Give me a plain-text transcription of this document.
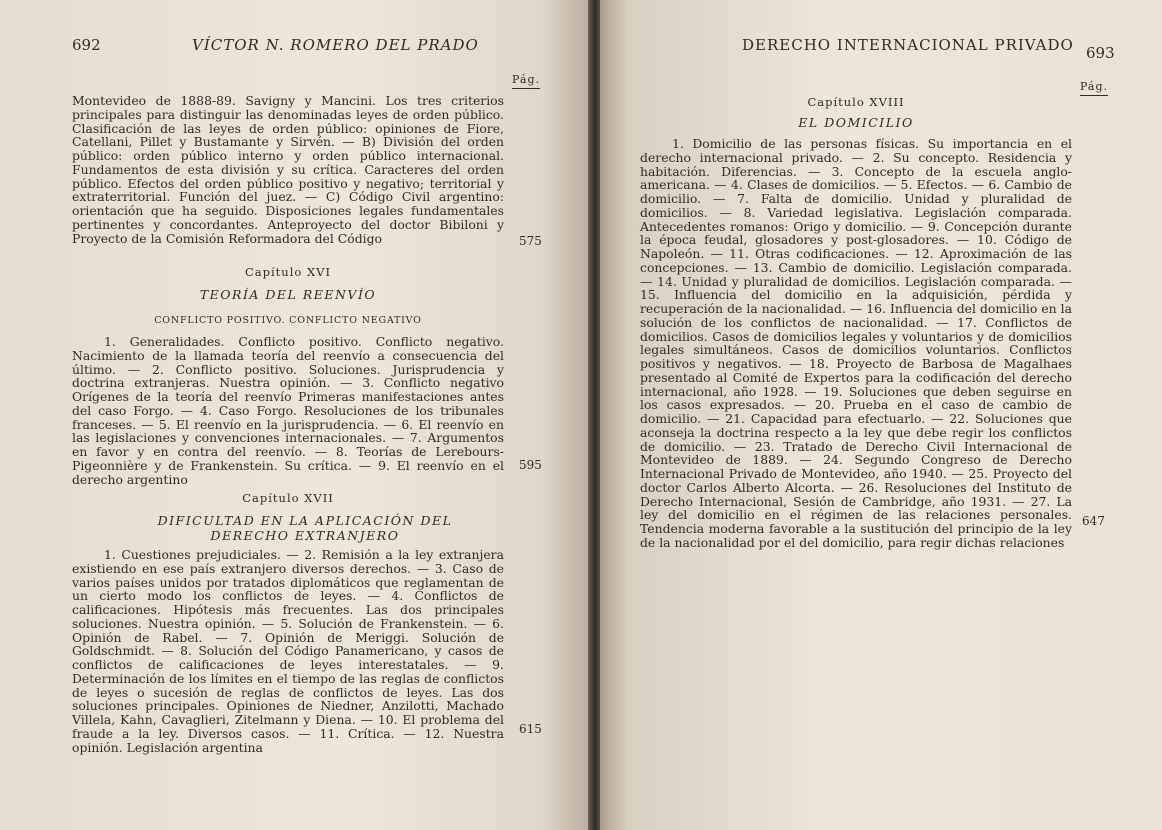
692	VÍCTOR N. ROMERO DEL PRADO
Pág.

Montevideo de 1888-89. Savigny y Mancini. Los tres criterios principales para distinguir las denominadas leyes de orden público. Clasificación de las leyes de orden público: opiniones de Fiore, Catellani, Pillet y Bustamante y Sirvén. — B) División del orden público: orden público interno y orden público internacional. Fundamentos de esta división y su crítica. Caracteres del orden público. Efectos del orden público positivo y negativo; territorial y extraterritorial. Función del juez. — C) Código Civil argentino: orientación que ha seguido. Disposiciones legales fundamentales pertinentes y concordantes. Anteproyecto del doctor Bibiloni y Proyecto de la Comisión Reformadora del Código	575
Capítulo XVI
TEORÍA DEL REENVÍO
CONFLICTO POSITIVO. CONFLICTO NEGATIVO

1. Generalidades. Conflicto positivo. Conflicto negativo. Nacimiento de la llamada teoría del reenvío a consecuencia del último. — 2. Conflicto positivo. Soluciones. Jurisprudencia y doctrina extranjeras. Nuestra opinión. — 3. Conflicto negativo Orígenes de la teoría del reenvío Primeras manifestaciones antes del caso Forgo. — 4. Caso Forgo. Resoluciones de los tribunales franceses. — 5. El reenvío en la jurisprudencia. — 6. El reenvío en las legislaciones y convenciones internacionales. — 7. Argumentos en favor y en contra del reenvío. — 8. Teorías de Lerebours-Pigeonnière y de Frankenstein. Su crítica. — 9. El reenvío en el derecho argentino

595
Capítulo XVII
DIFICULTAD EN LA APLICACIÓN DEL DERECHO EXTRANJERO

1. Cuestiones prejudiciales. — 2. Remisión a la ley extranjera existiendo en ese país extranjero diversos derechos. — 3. Caso de varios países unidos por tratados diplomáticos que reglamentan de un cierto modo los conflictos de leyes. — 4. Conflictos de calificaciones. Hipótesis más frecuentes. Las dos principales soluciones. Nuestra opinión. — 5. Solución de Frankenstein. — 6. Opinión de Rabel. — 7. Opinión de Meriggi. Solución de Goldschmidt. — 8. Solución del Código Panamericano, y casos de conflictos de calificaciones de leyes interestatales. — 9. Determinación de los límites en el tiempo de las reglas de conflictos de leyes o sucesión de reglas de conflictos de leyes. Las dos soluciones principales. Opiniones de Niedner, Anzilotti, Machado Villela, Kahn, Cavaglieri, Zitelmann y Diena. — 10. El problema del fraude a la ley. Diversos casos. — 11. Crítica. — 12. Nuestra opinión. Legislación argentina

615
DERECHO INTERNACIONAL PRIVADO 693
Pág.
Capítulo XVIII
EL DOMICILIO

1. Domicilio de las personas físicas. Su importancia en el derecho internacional privado. — 2. Su concepto. Residencia y habitación. Diferencias. — 3. Concepto de la escuela anglo-americana. — 4. Clases de domicilios. — 5. Efectos. — 6. Cambio de domicilio. — 7. Falta de domicilio. Unidad y pluralidad de domicilios. — 8. Variedad legislativa. Legislación comparada. Antecedentes romanos: Origo y domicilio. — 9. Concepción durante la época feudal, glosadores y post-glosadores. — 10. Código de Napoleón. — 11. Otras codificaciones. — 12. Aproximación de las concepciones. — 13. Cambio de domicilio. Legislación comparada. — 14. Unidad y pluralidad de domicilios. Legislación comparada. — 15. Influencia del domicilio en la adquisición, pérdida y recuperación de la nacionalidad. — 16. Influencia del domicilio en la solución de los conflictos de nacionalidad. — 17. Conflictos de domicilios. Casos de domicilios legales y voluntarios y de domicilios legales simultáneos. Casos de domicilios voluntarios. Conflictos positivos y negativos. — 18. Proyecto de Barbosa de Magalhaes presentado al Comité de Expertos para la codificación del derecho internacional, año 1928. — 19. Soluciones que deben seguirse en los casos expresados. — 20. Prueba en el caso de cambio de domicilio. — 21. Capacidad para efectuarlo. — 22. Soluciones que aconseja la doctrina respecto a la ley que debe regir los conflictos de domicilio. — 23. Tratado de Derecho Civil Internacional de Montevideo de 1889. — 24. Segundo Congreso de Derecho Internacional Privado de Montevideo, año 1940. — 25. Proyecto del doctor Carlos Alberto Alcorta. — 26. Resoluciones del Instituto de Derecho Internacional, Sesión de Cambridge, año 1931. — 27. La ley del domicilio en el régimen de las relaciones personales. Tendencia moderna favorable a la sustitución del principio de la ley de la nacionalidad por el del domicilio, para regir dichas relaciones

647
